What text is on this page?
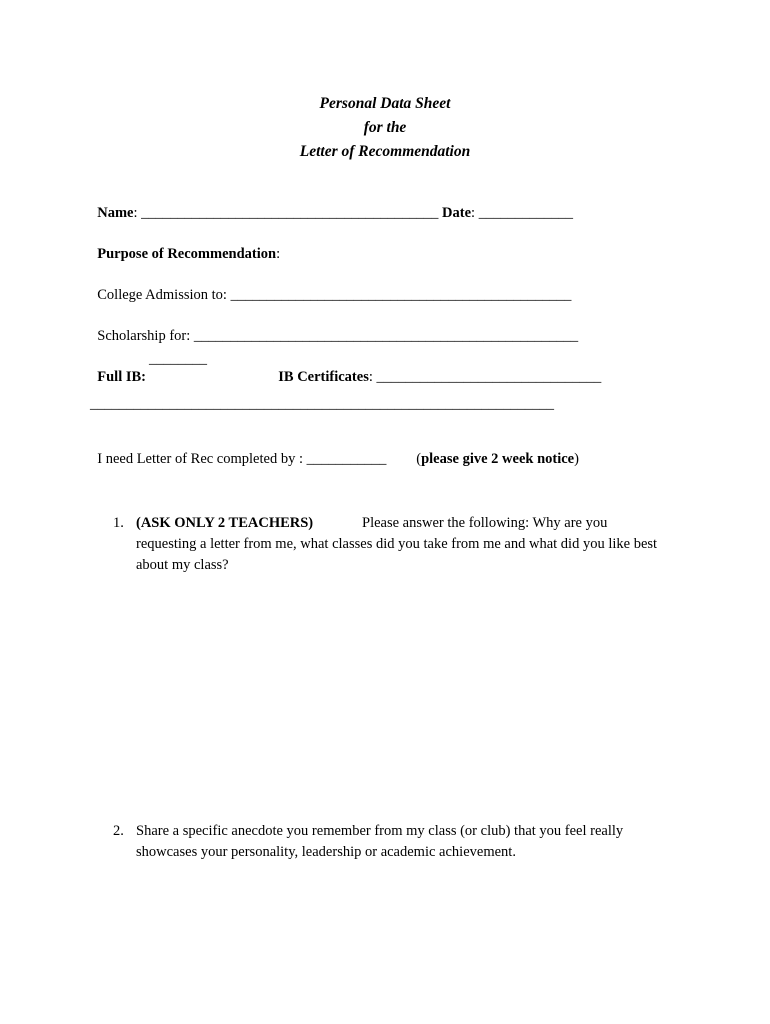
Personal Data Sheet
for the
Letter of Recommendation

Name: _________________________________________ Date: _____________

Purpose of Recommendation:

College Admission to: _______________________________________________

Scholarship for: _____________________________________________________

Full IB:

________

IB Certificates: _______________________________

________________________________________________________________

I need Letter of Rec completed by : ___________	(please give 2 week notice)

1. (ASK ONLY 2 TEACHERS)	Please answer the following: Why are you
requesting a letter from me, what classes did you take from me and what did you like best
about my class?
2. Share a specific anecdote you remember from my class (or club) that you feel really
showcases your personality, leadership or academic achievement.
